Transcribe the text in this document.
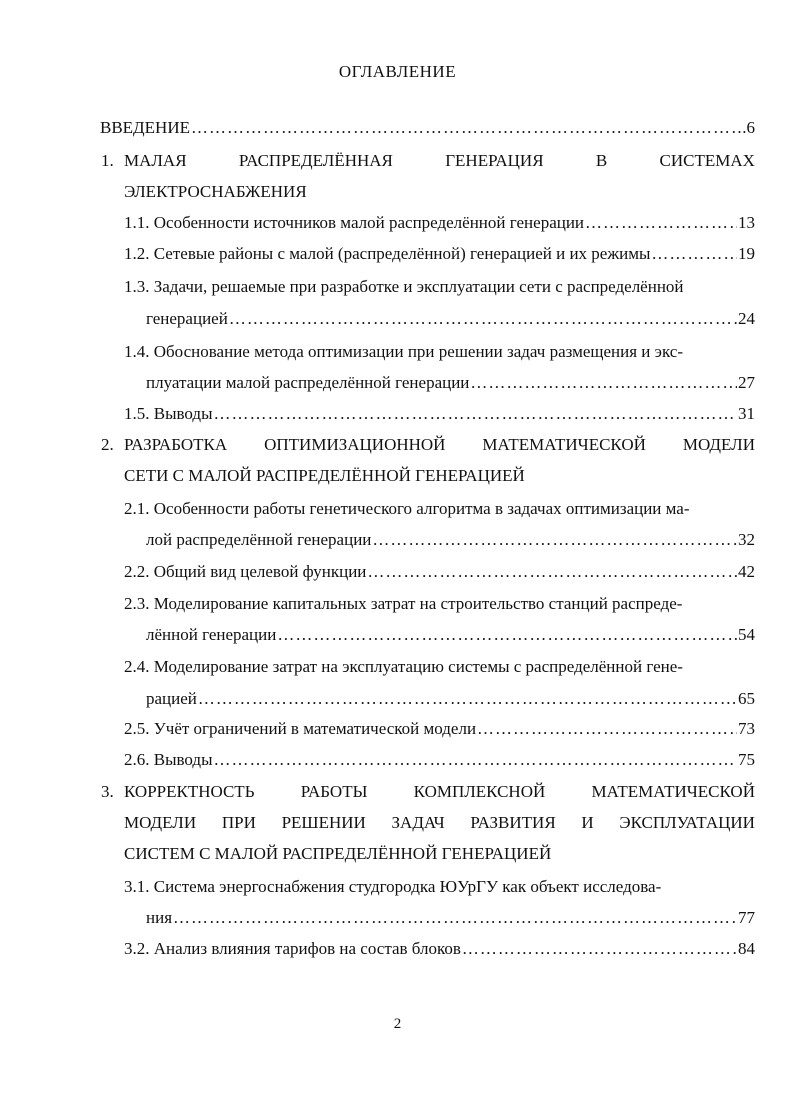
ОГЛАВЛЕНИЕ
ВВЕДЕНИЕ ………………………………………………………………………………………………………………………………………………………………………………	.6
1. МАЛАЯ	РАСПРЕДЕЛЁННАЯ	ГЕНЕРАЦИЯ	В	СИСТЕМАХ
ЭЛЕКТРОСНАБЖЕНИЯ
1.1. Особенности источников малой распределённой генерации ………………………………………………………………………………………………………………………………………………………………………………	13
1.2. Сетевые районы с малой (распределённой) генерацией и их режимы ………………………………………………………………………………………………………………………………………………………………………………	19
1.3. Задачи, решаемые при разработке и эксплуатации сети с распределённой
генерацией ………………………………………………………………………………………………………………………………………………………………………………	24
1.4. Обоснование метода оптимизации при решении задач размещения и экс-
плуатации малой распределённой генерации ………………………………………………………………………………………………………………………………………………………………………………	27
1.5. Выводы ………………………………………………………………………………………………………………………………………………………………………………	31
2. РАЗРАБОТКА ОПТИМИЗАЦИОННОЙ МАТЕМАТИЧЕСКОЙ МОДЕЛИ
СЕТИ С МАЛОЙ РАСПРЕДЕЛЁННОЙ ГЕНЕРАЦИЕЙ
2.1. Особенности работы генетического алгоритма в задачах оптимизации ма-
лой распределённой генерации ………………………………………………………………………………………………………………………………………………………………………………	32
2.2. Общий вид целевой функции ………………………………………………………………………………………………………………………………………………………………………………	42
2.3. Моделирование капитальных затрат на строительство станций распреде-
лённой генерации ………………………………………………………………………………………………………………………………………………………………………………	54
2.4. Моделирование затрат на эксплуатацию системы с распределённой гене-
рацией ………………………………………………………………………………………………………………………………………………………………………………	65
2.5. Учёт ограничений в математической модели ………………………………………………………………………………………………………………………………………………………………………………	73
2.6. Выводы ………………………………………………………………………………………………………………………………………………………………………………	75
3. КОРРЕКТНОСТЬ	РАБОТЫ	КОМПЛЕКСНОЙ	МАТЕМАТИЧЕСКОЙ
МОДЕЛИ ПРИ РЕШЕНИИ ЗАДАЧ РАЗВИТИЯ И ЭКСПЛУАТАЦИИ
СИСТЕМ С МАЛОЙ РАСПРЕДЕЛЁННОЙ ГЕНЕРАЦИЕЙ
3.1. Система энергоснабжения студгородка ЮУрГУ как объект исследова-
ния ………………………………………………………………………………………………………………………………………………………………………………	77
3.2. Анализ влияния тарифов на состав блоков ………………………………………………………………………………………………………………………………………………………………………………	84
2
